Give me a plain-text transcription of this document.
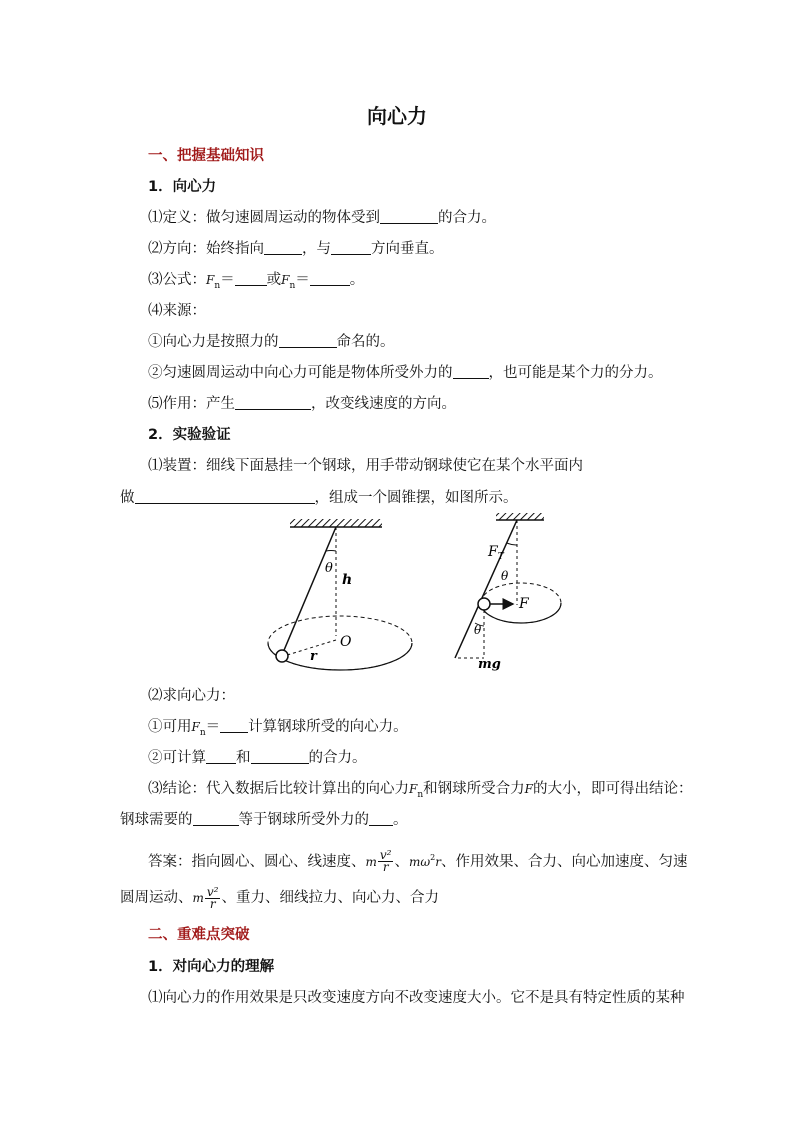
向心力
一、把握基础知识
1．向心力
⑴定义：做匀速圆周运动的物体受到	的合力。
⑵方向：始终指向	，与	方向垂直。
⑶公式：$F_n=$ 或$F_n=$	。
⑷来源：
①向心力是按照力的	命名的。
②匀速圆周运动中向心力可能是物体所受外力的 ，也可能是某个力的分力。
⑸作用：产生	，改变线速度的方向。
2．实验验证
⑴装置：细线下面悬挂一个钢球，用手带动钢球使它在某个水平面内
做	，组成一个圆锥摆，如图所示。
θ
h
O
r
$F_T$
θ
F
θ
mg
⑵求向心力：
①可用$F_n=$ 计算钢球所受的向心力。
②可计算 和	的合力。
⑶结论：代入数据后比较计算出的向心力$F_n$和钢球所受合力F的大小，即可得出结论：
钢球需要的	等于钢球所受外力的 。
答案：指向圆心、圆心、线速度、m $\frac{\text{v²}}{r}$ 、$m\omega^2r$、作用效果、合力、向心加速度、匀速
圆周运动、m $\frac{\text{v²}}{r}$ 、重力、细线拉力、向心力、合力
二、重难点突破
1．对向心力的理解
⑴向心力的作用效果是只改变速度方向不改变速度大小。它不是具有特定性质的某种
